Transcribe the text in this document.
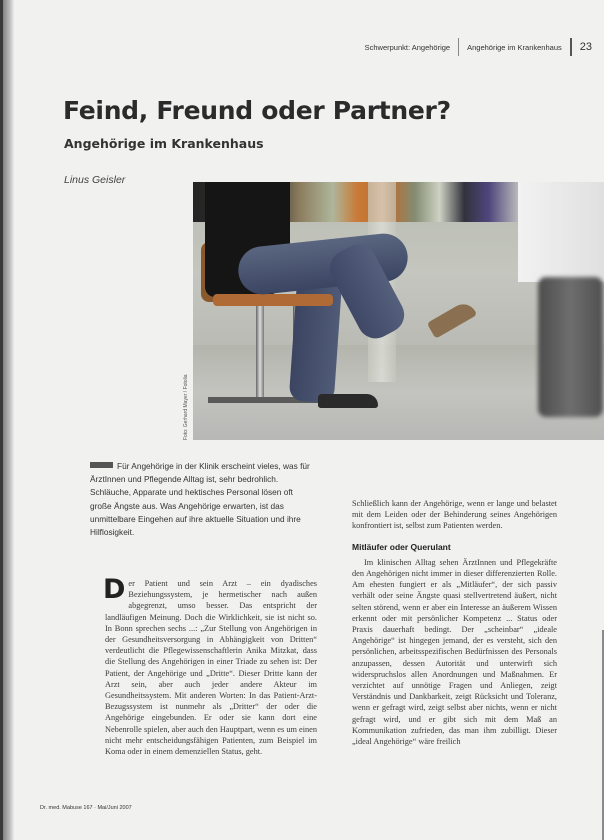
Schwerpunkt: Angehörige Angehörige im Krankenhaus 23
Feind, Freund oder Partner?
Angehörige im Krankenhaus
Linus Geisler
Foto: Gerhard Mayer / Fotolia

Für Angehörige in der Klinik erscheint vieles, was für ÄrztInnen und Pflegende Alltag ist, sehr bedrohlich. Schläuche, Apparate und hektisches Personal lösen oft große Ängste aus. Was Angehörige erwarten, ist das unmittelbare Eingehen auf ihre aktuelle Situation und ihre Hilflosigkeit.

Der Patient und sein Arzt – ein dyadisches Beziehungssystem, je hermetischer nach außen abgegrenzt, umso besser. Das entspricht der landläufigen Meinung. Doch die Wirklichkeit, sie ist nicht so. In Bonn sprechen sechs ...: „Zur Stellung von Angehörigen in der Gesundheitsversorgung in Abhängigkeit von Dritten“ verdeutlicht die Pflegewissenschaftlerin Anika Mitzkat, dass die Stellung des Angehörigen in einer Triade zu sehen ist: Der Patient, der Angehörige und „Dritte“. Dieser Dritte kann der Arzt sein, aber auch jeder andere Akteur im Gesundheitssystem. Mit anderen Worten: In das Patient-Arzt-Bezugssystem ist nunmehr als „Dritter“ der oder die Angehörige eingebunden. Er oder sie kann dort eine Nebenrolle spielen, aber auch den Hauptpart, wenn es um einen nicht mehr entscheidungsfähigen Patienten, zum Beispiel im Koma oder in einem demenziellen Status, geht.

Schließlich kann der Angehörige, wenn er lange und belastet mit dem Leiden oder der Behinderung seines Angehörigen konfrontiert ist, selbst zum Patienten werden.

Mitläufer oder Querulant

Im klinischen Alltag sehen ÄrztInnen und Pflegekräfte den Angehörigen nicht immer in dieser differenzierten Rolle. Am ehesten fungiert er als „Mitläufer“, der sich passiv verhält oder seine Ängste quasi stellvertretend äußert, nicht selten störend, wenn er aber ein Interesse an äußerem Wissen erkennt oder mit persönlicher Kompetenz ... Status oder Praxis dauerhaft bedingt. Der „scheinbar“ „ideale Angehörige“ ist hingegen jemand, der es versteht, sich den persönlichen, arbeitsspezifischen Bedürfnissen des Personals anzupassen, dessen Autorität und unterwirft sich widerspruchslos allen Anordnungen und Maßnahmen. Er verzichtet auf unnötige Fragen und Anliegen, zeigt Verständnis und Dankbarkeit, zeigt Rücksicht und Toleranz, wenn er gefragt wird, zeigt selbst aber nichts, wenn er nicht gefragt wird, und er gibt sich mit dem Maß an Kommunikation zufrieden, das man ihm zubilligt. Dieser „ideal Angehörige“ wäre freilich

Dr. med. Mabuse 167 · Mai/Juni 2007
